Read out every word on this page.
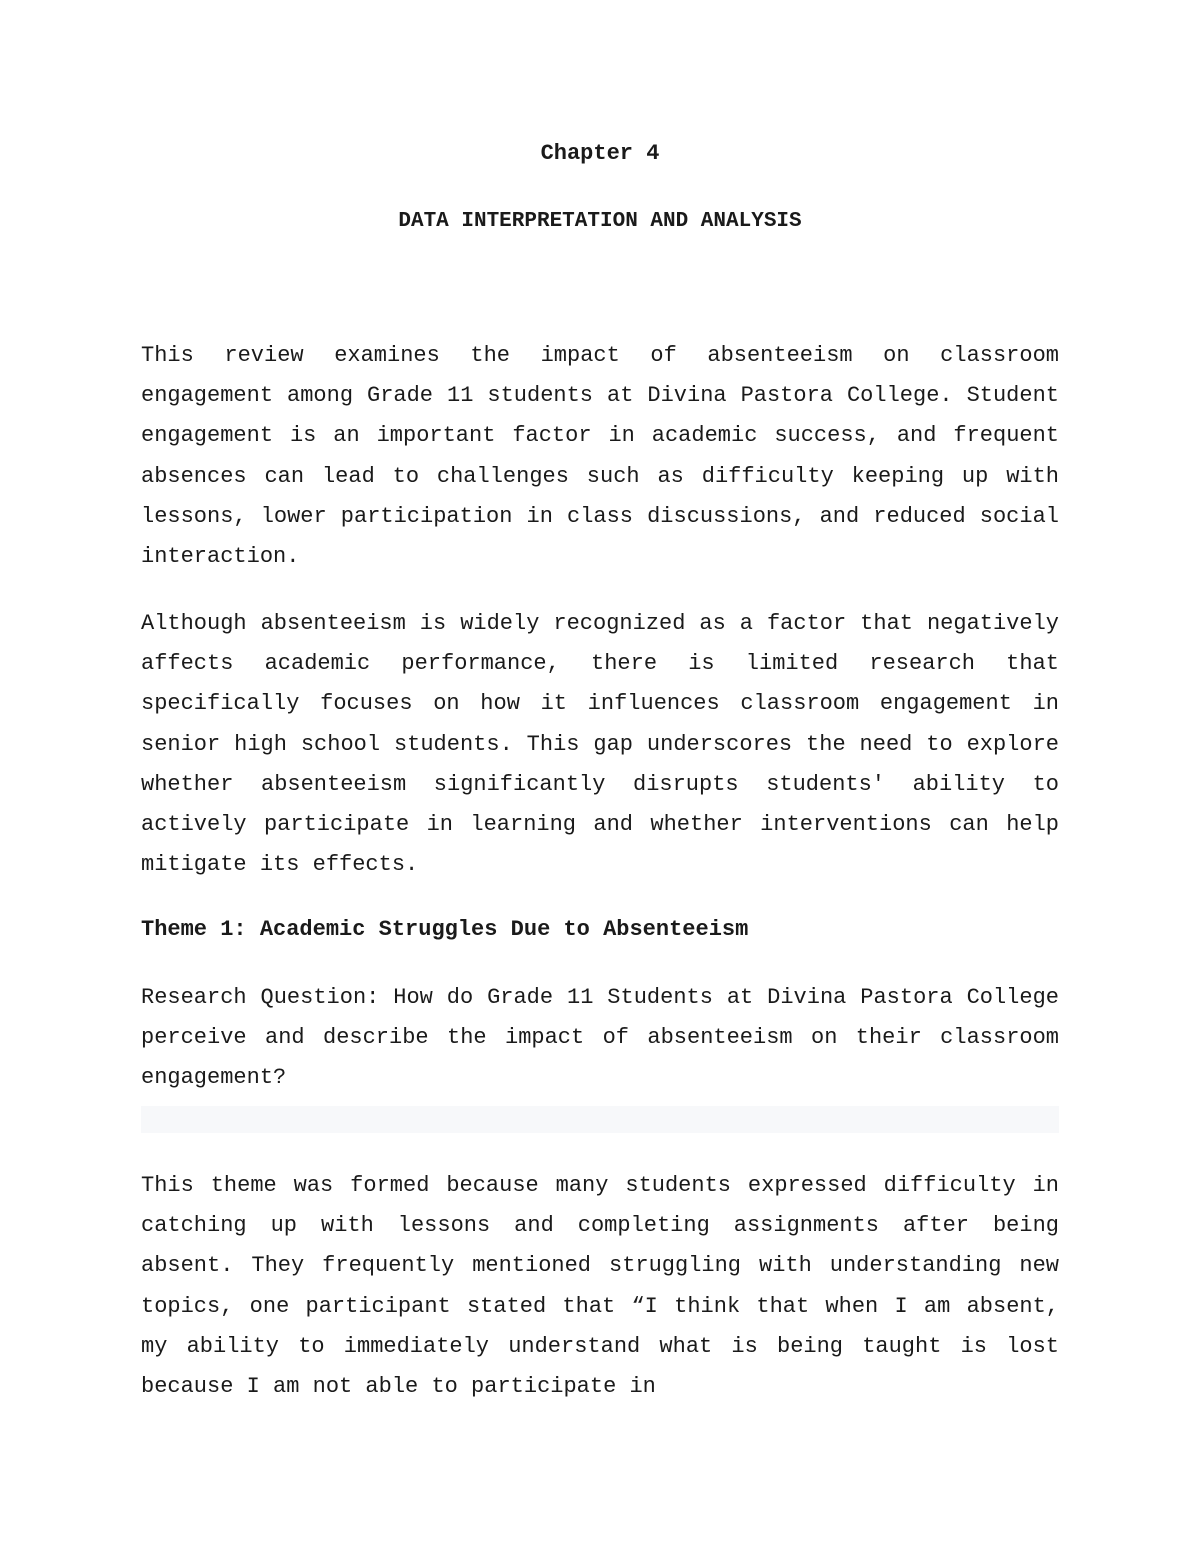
Chapter 4
DATA INTERPRETATION AND ANALYSIS

This review examines the impact of absenteeism on classroom engagement among Grade 11 students at Divina Pastora College. Student engagement is an important factor in academic success, and frequent absences can lead to challenges such as difficulty keeping up with lessons, lower participation in class discussions, and reduced social interaction.

Although absenteeism is widely recognized as a factor that negatively affects academic performance, there is limited research that specifically focuses on how it influences classroom engagement in senior high school students. This gap underscores the need to explore whether absenteeism significantly disrupts students' ability to actively participate in learning and whether interventions can help mitigate its effects.

Theme 1: Academic Struggles Due to Absenteeism

Research Question: How do Grade 11 Students at Divina Pastora College perceive and describe the impact of absenteeism on their classroom engagement?

This theme was formed because many students expressed difficulty in catching up with lessons and completing assignments after being absent. They frequently mentioned struggling with understanding new topics, one participant stated that “I think that when I am absent, my ability to immediately understand what is being taught is lost because I am not able to participate in
